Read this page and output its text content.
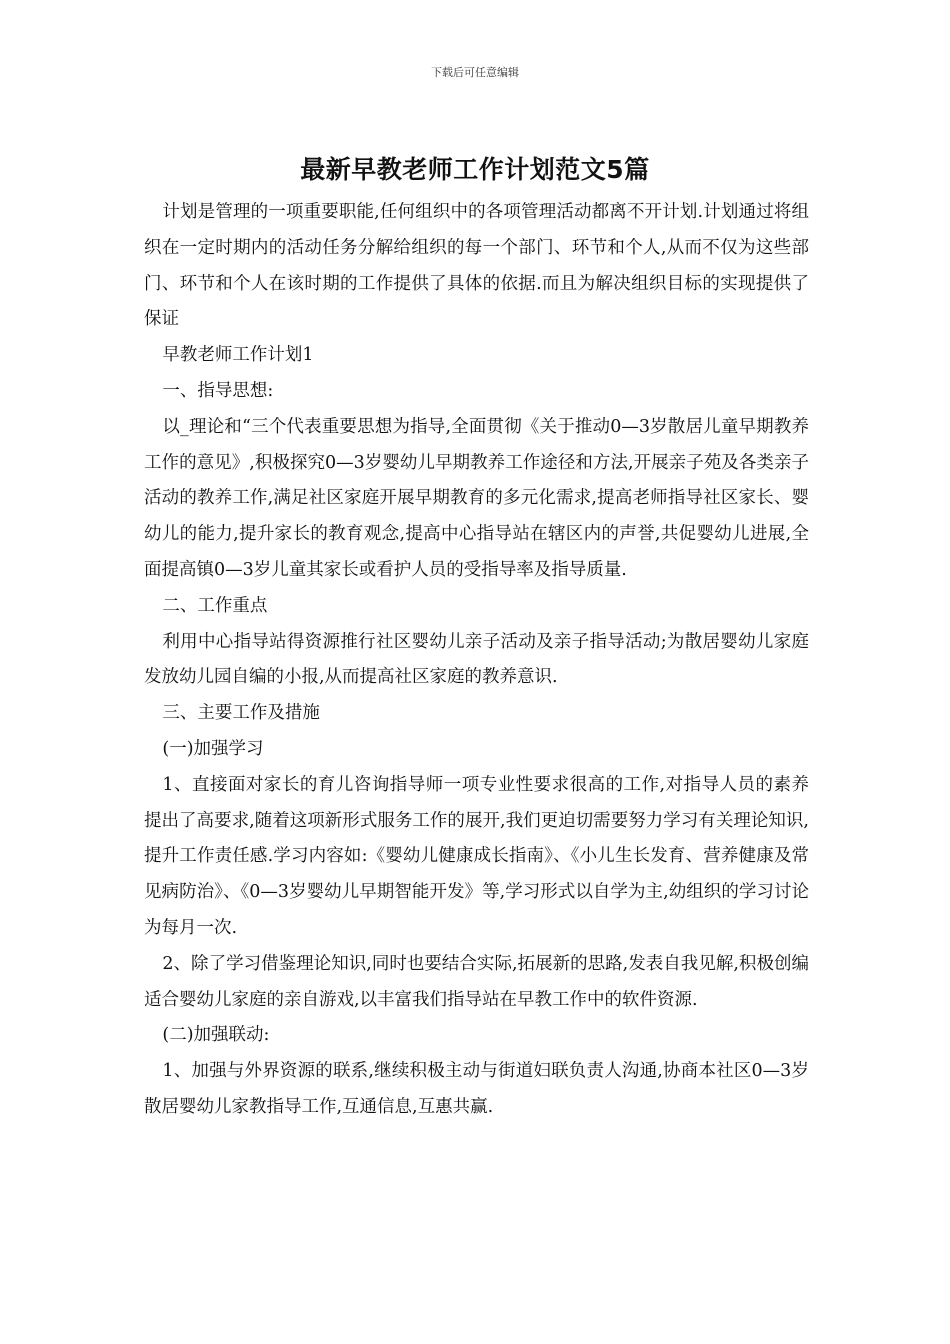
下载后可任意编辑
最新早教老师工作计划范文5篇

计划是管理的一项重要职能,任何组织中的各项管理活动都离不开计划.计划通过将组织在一定时期内的活动任务分解给组织的每一个部门、环节和个人,从而不仅为这些部门、环节和个人在该时期的工作提供了具体的依据.而且为解决组织目标的实现提供了保证

早教老师工作计划1

一、指导思想:

以_理论和“三个代表重要思想为指导,全面贯彻《关于推动0—3岁散居儿童早期教养工作的意见》,积极探究0—3岁婴幼儿早期教养工作途径和方法,开展亲子苑及各类亲子活动的教养工作,满足社区家庭开展早期教育的多元化需求,提高老师指导社区家长、婴幼儿的能力,提升家长的教育观念,提高中心指导站在辖区内的声誉,共促婴幼儿进展,全面提高镇0—3岁儿童其家长或看护人员的受指导率及指导质量.

二、工作重点

利用中心指导站得资源推行社区婴幼儿亲子活动及亲子指导活动;为散居婴幼儿家庭发放幼儿园自编的小报,从而提高社区家庭的教养意识.

三、主要工作及措施

(一)加强学习

1、直接面对家长的育儿咨询指导师一项专业性要求很高的工作,对指导人员的素养提出了高要求,随着这项新形式服务工作的展开,我们更迫切需要努力学习有关理论知识,提升工作责任感.学习内容如:《婴幼儿健康成长指南》、《小儿生长发育、营养健康及常见病防治》、《0—3岁婴幼儿早期智能开发》等,学习形式以自学为主,幼组织的学习讨论为每月一次.

2、除了学习借鉴理论知识,同时也要结合实际,拓展新的思路,发表自我见解,积极创编适合婴幼儿家庭的亲自游戏,以丰富我们指导站在早教工作中的软件资源.

(二)加强联动:

1、加强与外界资源的联系,继续积极主动与街道妇联负责人沟通,协商本社区0—3岁散居婴幼儿家教指导工作,互通信息,互惠共赢.
